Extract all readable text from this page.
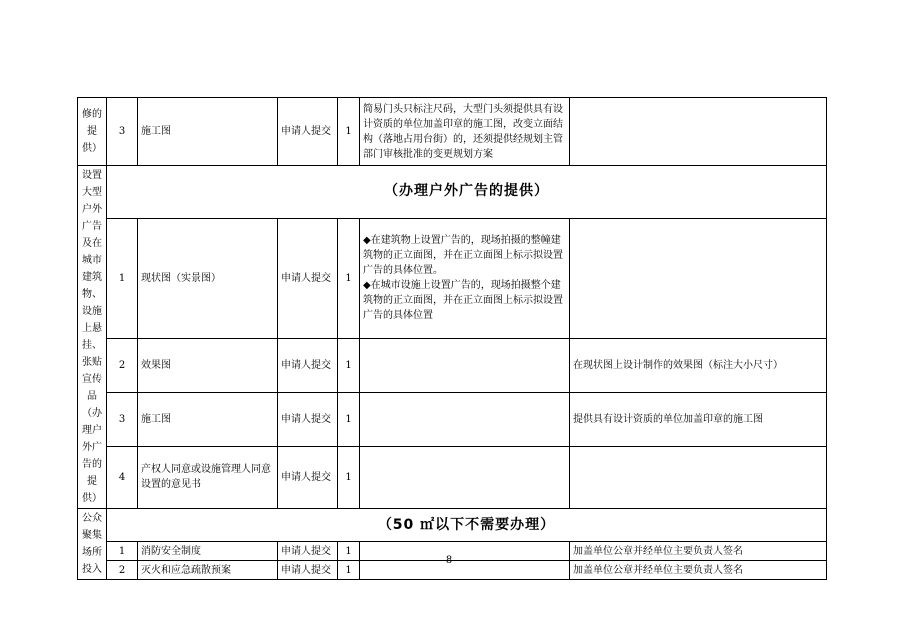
修的提供）	3	施工图	申请人提交	1	简易门头只标注尺码，大型门头须提供具有设计资质的单位加盖印章的施工图，改变立面结构（落地占用台街）的，还须提供经规划主管部门审核批准的变更规划方案	
设置大型户外广告及在城市建筑物、设施上悬挂、张贴宣传品（办理户外广告的提供）	（办理户外广告的提供）					
	1	现状图（实景图）	申请人提交	1	◆在建筑物上设置广告的，现场拍摄的整幢建筑物的正立面图，并在正立面图上标示拟设置广告的具体位置。
◆在城市设施上设置广告的，现场拍摄整个建筑物的正立面图，并在正立面图上标示拟设置广告的具体位置	

	2	效果图	申请人提交	1		在现状图上设计制作的效果图（标注大小尺寸）
	3	施工图	申请人提交	1		提供具有设计资质的单位加盖印章的施工图
	4	产权人同意或设施管理人同意设置的意见书	申请人提交	1		
公众聚集场所投入	（50 ㎡以下不需要办理）					
	1	消防安全制度	申请人提交	1		加盖单位公章并经单位主要负责人签名
	2	灭火和应急疏散预案	申请人提交	1		加盖单位公章并经单位主要负责人签名
8
